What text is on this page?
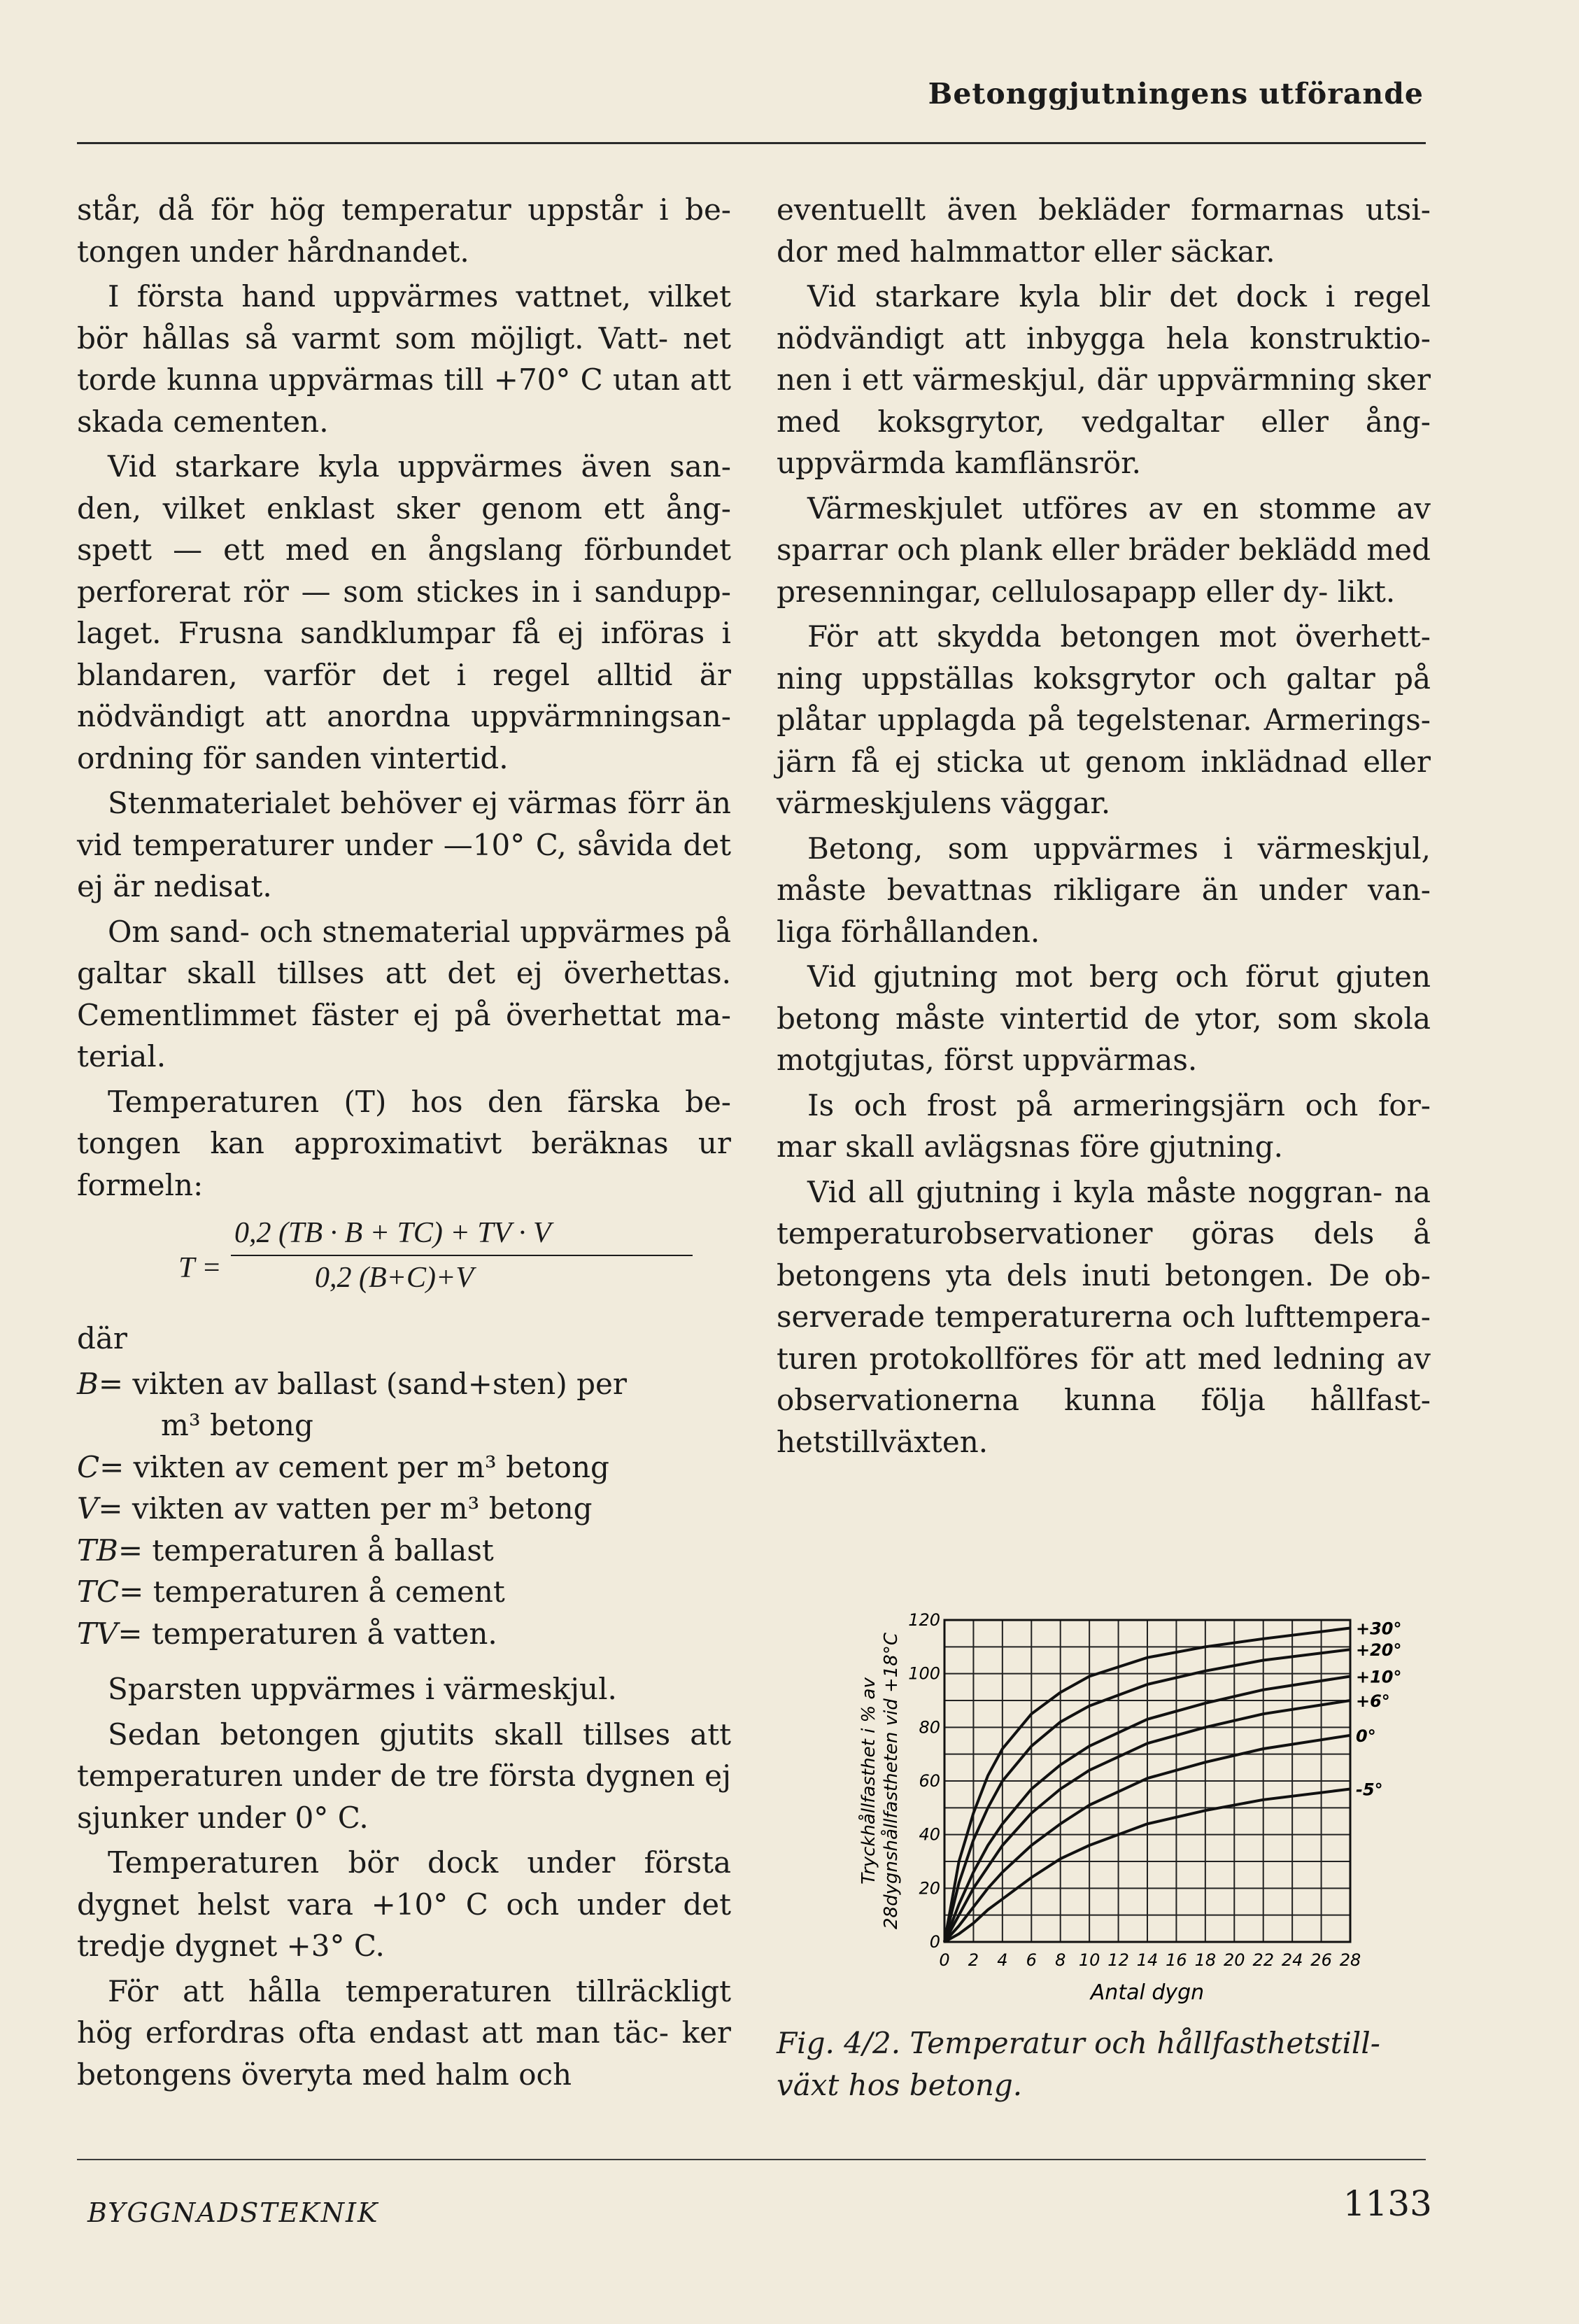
Betonggjutningens utförande

står, då för hög temperatur uppstår i be- tongen under hårdnandet.

I första hand uppvärmes vattnet, vilket bör hållas så varmt som möjligt. Vatt- net torde kunna uppvärmas till +70° C utan att skada cementen.

Vid starkare kyla uppvärmes även san- den, vilket enklast sker genom ett ång- spett — ett med en ångslang förbundet perforerat rör — som stickes in i sandupp- laget. Frusna sandklumpar få ej införas i blandaren, varför det i regel alltid är nödvändigt att anordna uppvärmningsan- ordning för sanden vintertid.

Stenmaterialet behöver ej värmas förr än vid temperaturer under —10° C, såvida det ej är nedisat.

Om sand- och stnematerial uppvärmes på galtar skall tillses att det ej överhettas. Cementlimmet fäster ej på överhettat ma- terial.

Temperaturen (T) hos den färska be- tongen kan approximativt beräknas ur formeln:

T =
0,2 (TB · B + TC) + TV · V
0,2 (B+C)+V

där

B= vikten av ballast (sand+sten) per
m³ betong
C= vikten av cement per m³ betong
V= vikten av vatten per m³ betong
TB= temperaturen å ballast
TC= temperaturen å cement
TV= temperaturen å vatten.

Sparsten uppvärmes i värmeskjul.

Sedan betongen gjutits skall tillses att temperaturen under de tre första dygnen ej sjunker under 0° C.

Temperaturen bör dock under första dygnet helst vara +10° C och under det tredje dygnet +3° C.

För att hålla temperaturen tillräckligt hög erfordras ofta endast att man täc- ker betongens överyta med halm och

eventuellt även bekläder formarnas utsi- dor med halmmattor eller säckar.

Vid starkare kyla blir det dock i regel nödvändigt att inbygga hela konstruktio- nen i ett värmeskjul, där uppvärmning sker med koksgrytor, vedgaltar eller ång- uppvärmda kamflänsrör.

Värmeskjulet utföres av en stomme av sparrar och plank eller bräder beklädd med presenningar, cellulosapapp eller dy- likt.

För att skydda betongen mot överhett- ning uppställas koksgrytor och galtar på plåtar upplagda på tegelstenar. Armerings- järn få ej sticka ut genom inklädnad eller värmeskjulens väggar.

Betong, som uppvärmes i värmeskjul, måste bevattnas rikligare än under van- liga förhållanden.

Vid gjutning mot berg och förut gjuten betong måste vintertid de ytor, som skola motgjutas, först uppvärmas.

Is och frost på armeringsjärn och for- mar skall avlägsnas före gjutning.

Vid all gjutning i kyla måste noggran- na temperaturobservationer göras dels å betongens yta dels inuti betongen. De ob- serverade temperaturerna och lufttempera- turen protokollföres för att med ledning av observationerna kunna följa hållfast- hetstillväxten.

0 2 4 6 8 10 12 14 16 18 20 22 24 26 28
0
20
40
60
80
100
120
Antal dygn
Tryckhållfasthet i % av 28dygnshållfastheten vid +18°C
+30°
+20°
+10°
+6°
0°
-5°
Fig. 4/2. Temperatur och hållfasthetstill- växt hos betong.
BYGGNADSTEKNIK	1133
